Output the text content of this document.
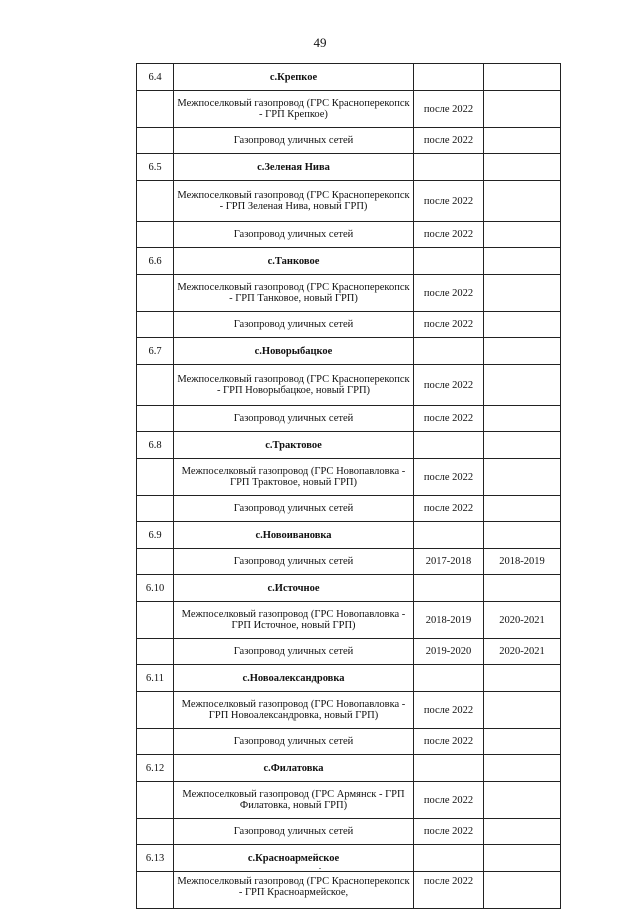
49
6.4	с.Крепкое		
	Межпоселковый газопровод (ГРС Красноперекопск - ГРП Крепкое)	после 2022	
	Газопровод уличных сетей	после 2022	
6.5	с.Зеленая Нива		
	Межпоселковый газопровод (ГРС Красноперекопск - ГРП Зеленая Нива, новый ГРП)	после 2022	
	Газопровод уличных сетей	после 2022	
6.6	с.Танковое		
	Межпоселковый газопровод (ГРС Красноперекопск - ГРП Танковое, новый ГРП)	после 2022	
	Газопровод уличных сетей	после 2022	
6.7	с.Новорыбацкое		
	Межпоселковый газопровод (ГРС Красноперекопск - ГРП Новорыбацкое, новый ГРП)	после 2022	
	Газопровод уличных сетей	после 2022	
6.8	с.Трактовое		
	Межпоселковый газопровод (ГРС Новопавловка - ГРП Трактовое, новый ГРП)	после 2022	
	Газопровод уличных сетей	после 2022	
6.9	с.Новоивановка		
	Газопровод уличных сетей	2017-2018	2018-2019
6.10	с.Источное		
	Межпоселковый газопровод (ГРС Новопавловка - ГРП Источное, новый ГРП)	2018-2019	2020-2021
	Газопровод уличных сетей	2019-2020	2020-2021
6.11	с.Новоалександровка		
	Межпоселковый газопровод (ГРС Новопавловка - ГРП Новоалександровка, новый ГРП)	после 2022	
	Газопровод уличных сетей	после 2022	
6.12	с.Филатовка		
	Межпоселковый газопровод (ГРС Армянск - ГРП Филатовка, новый ГРП)	после 2022	
	Газопровод уличных сетей	после 2022	
6.13	с.Красноармейское		
	Межпоселковый газопровод (ГРС Красноперекопск - ГРП Красноармейское,	после 2022	
